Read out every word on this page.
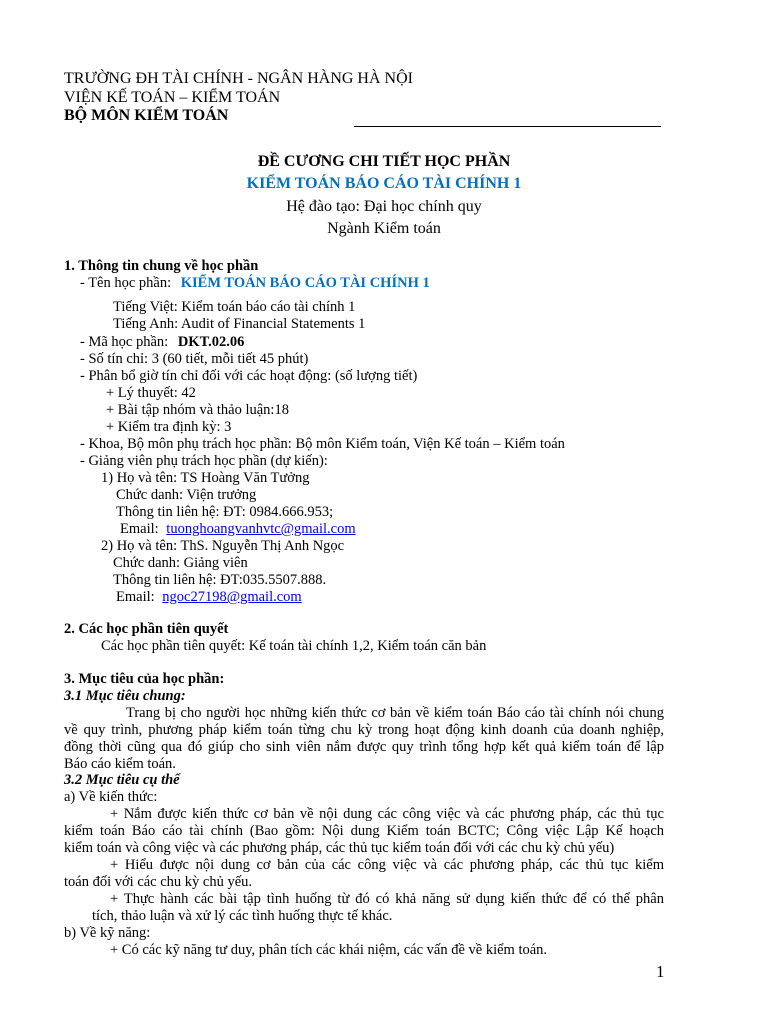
TRƯỜNG ĐH TÀI CHÍNH - NGÂN HÀNG HÀ NỘI
VIỆN KẾ TOÁN – KIỂM TOÁN
BỘ MÔN KIỂM TOÁN
ĐỀ CƯƠNG CHI TIẾT HỌC PHẦN
KIỂM TOÁN BÁO CÁO TÀI CHÍNH 1
Hệ đào tạo: Đại học chính quy
Ngành Kiểm toán
1. Thông tin chung về học phần
- Tên học phần: KIỂM TOÁN BÁO CÁO TÀI CHÍNH 1
Tiếng Việt: Kiểm toán báo cáo tài chính 1
Tiếng Anh: Audit of Financial Statements 1
- Mã học phần: DKT.02.06
- Số tín chỉ: 3 (60 tiết, mỗi tiết 45 phút)
- Phân bổ giờ tín chỉ đối với các hoạt động: (số lượng tiết)
+ Lý thuyết: 42
+ Bài tập nhóm và thảo luận:18
+ Kiểm tra định kỳ: 3
- Khoa, Bộ môn phụ trách học phần: Bộ môn Kiểm toán, Viện Kế toán – Kiểm toán
- Giảng viên phụ trách học phần (dự kiến):
1) Họ và tên: TS Hoàng Văn Tưởng
Chức danh: Viện trưởng
Thông tin liên hệ: ĐT: 0984.666.953;
Email: tuonghoangvanhvtc@gmail.com
2) Họ và tên: ThS. Nguyễn Thị Anh Ngọc
Chức danh: Giảng viên
Thông tin liên hệ: ĐT:035.5507.888.
Email: ngoc27198@gmail.com
2. Các học phần tiên quyết
Các học phần tiên quyết: Kế toán tài chính 1,2, Kiểm toán căn bản
3. Mục tiêu của học phần:
3.1 Mục tiêu chung:
Trang bị cho người học những kiến thức cơ bản về kiểm toán Báo cáo tài chính nói chung
về quy trình, phương pháp kiểm toán từng chu kỳ trong hoạt động kinh doanh của doanh nghiệp,
đồng thời cũng qua đó giúp cho sinh viên nắm được quy trình tổng hợp kết quả kiểm toán để lập
Báo cáo kiểm toán.
3.2 Mục tiêu cụ thể
a) Về kiến thức:
+ Nắm được kiến thức cơ bản về nội dung các công việc và các phương pháp, các thủ tục
kiểm toán Báo cáo tài chính (Bao gồm: Nội dung Kiểm toán BCTC; Công việc Lập Kế hoạch
kiểm toán và công việc và các phương pháp, các thủ tục kiểm toán đối với các chu kỳ chủ yếu)
+ Hiểu được nội dung cơ bản của các công việc và các phương pháp, các thủ tục kiểm
toán đối với các chu kỳ chủ yếu.
+ Thực hành các bài tập tình huống từ đó có khả năng sử dụng kiến thức để có thể phân
tích, thảo luận và xử lý các tình huống thực tế khác.
b) Về kỹ năng:
+ Có các kỹ năng tư duy, phân tích các khái niệm, các vấn đề về kiểm toán.
1
